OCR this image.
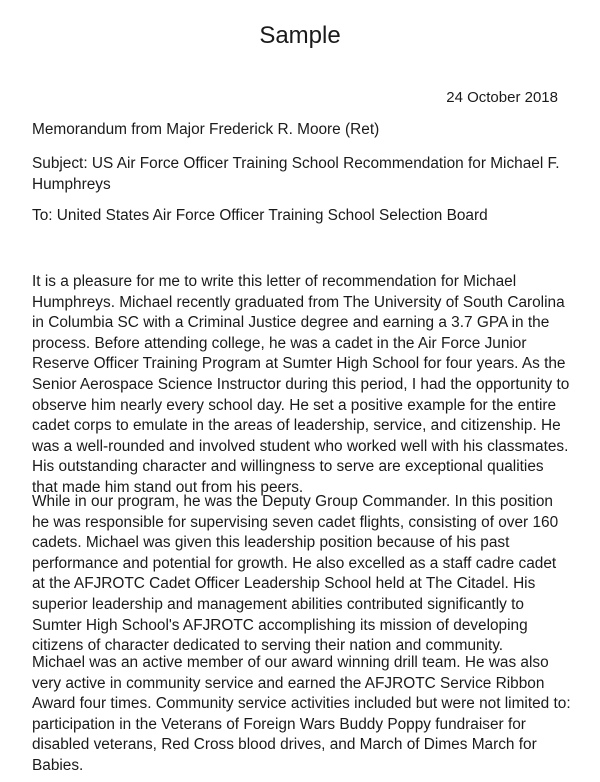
Sample
24 October 2018

Memorandum from Major Frederick R. Moore (Ret)

Subject: US Air Force Officer Training School Recommendation for Michael F. Humphreys

To: United States Air Force Officer Training School Selection Board

It is a pleasure for me to write this letter of recommendation for Michael Humphreys. Michael recently graduated from The University of South Carolina in Columbia SC with a Criminal Justice degree and earning a 3.7 GPA in the process. Before attending college, he was a cadet in the Air Force Junior Reserve Officer Training Program at Sumter High School for four years. As the Senior Aerospace Science Instructor during this period, I had the opportunity to observe him nearly every school day. He set a positive example for the entire cadet corps to emulate in the areas of leadership, service, and citizenship. He was a well-rounded and involved student who worked well with his classmates. His outstanding character and willingness to serve are exceptional qualities that made him stand out from his peers.

While in our program, he was the Deputy Group Commander. In this position he was responsible for supervising seven cadet flights, consisting of over 160 cadets. Michael was given this leadership position because of his past performance and potential for growth. He also excelled as a staff cadre cadet at the AFJROTC Cadet Officer Leadership School held at The Citadel. His superior leadership and management abilities contributed significantly to Sumter High School's AFJROTC accomplishing its mission of developing citizens of character dedicated to serving their nation and community.

Michael was an active member of our award winning drill team. He was also very active in community service and earned the AFJROTC Service Ribbon Award four times. Community service activities included but were not limited to: participation in the Veterans of Foreign Wars Buddy Poppy fundraiser for disabled veterans, Red Cross blood drives, and March of Dimes March for Babies.
